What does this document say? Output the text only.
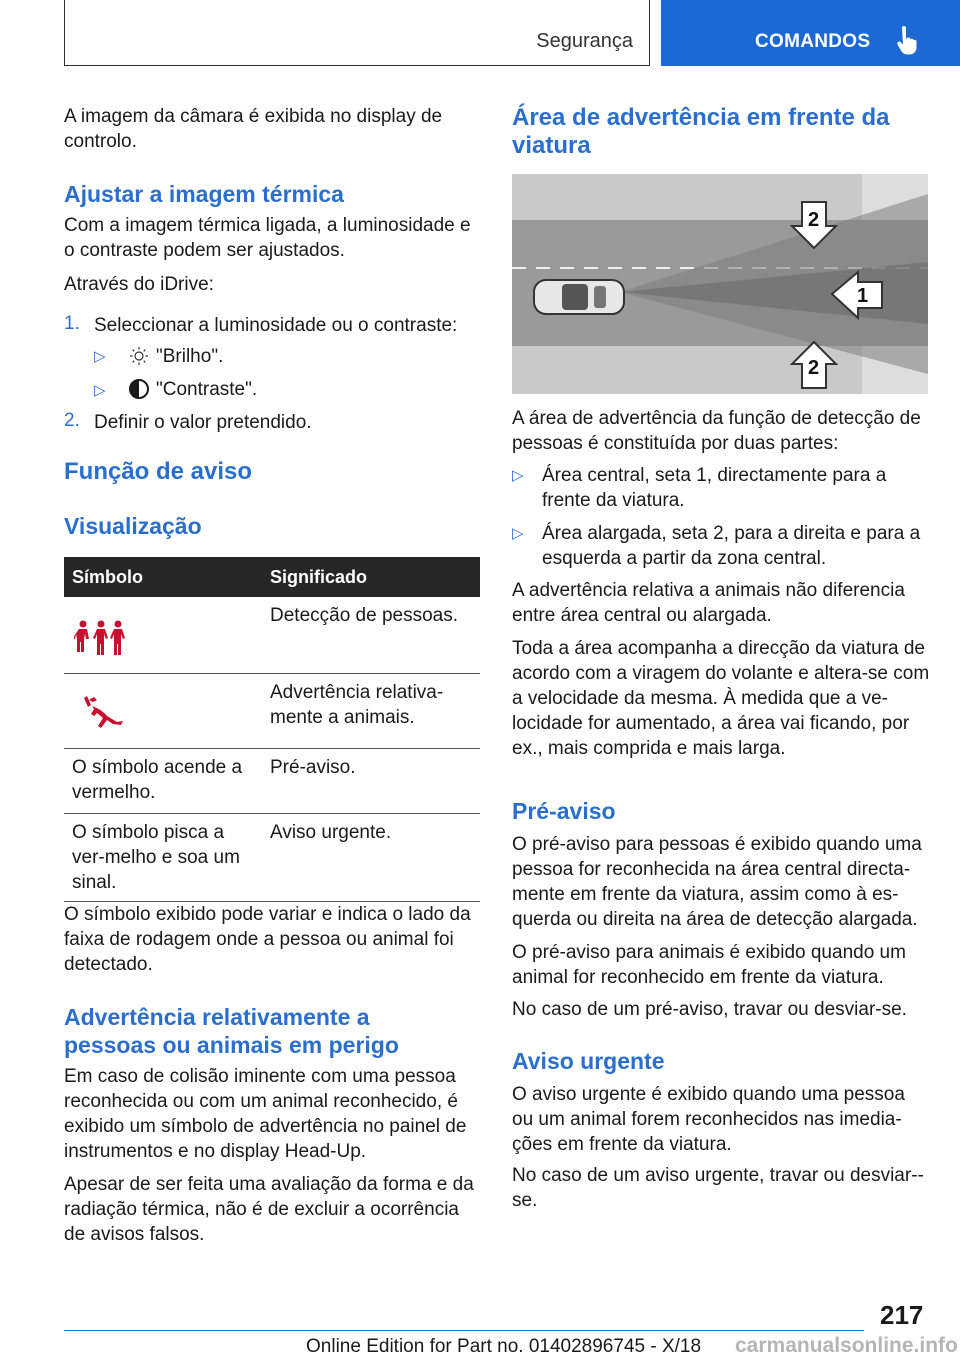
Segurança	COMANDOS

A imagem da câmara é exibida no display de controlo.

Ajustar a imagem térmica

Com a imagem térmica ligada, a luminosidade e o contraste podem ser ajustados.

Através do iDrive:

1. Seleccionar a luminosidade ou o contraste:

▷	"Brilho".

▷	"Contraste".

2. Definir o valor pretendido.

Função de aviso
Visualização
Símbolo	Significado
	Detecção de pessoas.
	Advertência relativa-mente a animais.
O símbolo acende a vermelho.	Pré-aviso.
O símbolo pisca a ver-melho e soa um sinal.	Aviso urgente.

O símbolo exibido pode variar e indica o lado da faixa de rodagem onde a pessoa ou animal foi detectado.

Advertência relativamente a pessoas ou animais em perigo

Em caso de colisão iminente com uma pessoa reconhecida ou com um animal reconhecido, é exibido um símbolo de advertência no painel de instrumentos e no display Head-Up.

Apesar de ser feita uma avaliação da forma e da radiação térmica, não é de excluir a ocorrência de avisos falsos.

Área de advertência em frente da viatura
1
2
2

A área de advertência da função de detecção de pessoas é constituída por duas partes:

▷ Área central, seta 1, directamente para a frente da viatura.

▷ Área alargada, seta 2, para a direita e para a esquerda a partir da zona central.

A advertência relativa a animais não diferencia entre área central ou alargada.

Toda a área acompanha a direcção da viatura de acordo com a viragem do volante e altera-se com a velocidade da mesma. À medida que a ve-locidade for aumentado, a área vai ficando, por ex., mais comprida e mais larga.

Pré-aviso

O pré-aviso para pessoas é exibido quando uma pessoa for reconhecida na área central directa-mente em frente da viatura, assim como à es-querda ou direita na área de detecção alargada.

O pré-aviso para animais é exibido quando um animal for reconhecido em frente da viatura.

No caso de um pré-aviso, travar ou desviar-se.

Aviso urgente

O aviso urgente é exibido quando uma pessoa ou um animal forem reconhecidos nas imedia-ções em frente da viatura.

No caso de um aviso urgente, travar ou desviar--se.

217
Online Edition for Part no. 01402896745 - X/18 carmanualsonline.info
